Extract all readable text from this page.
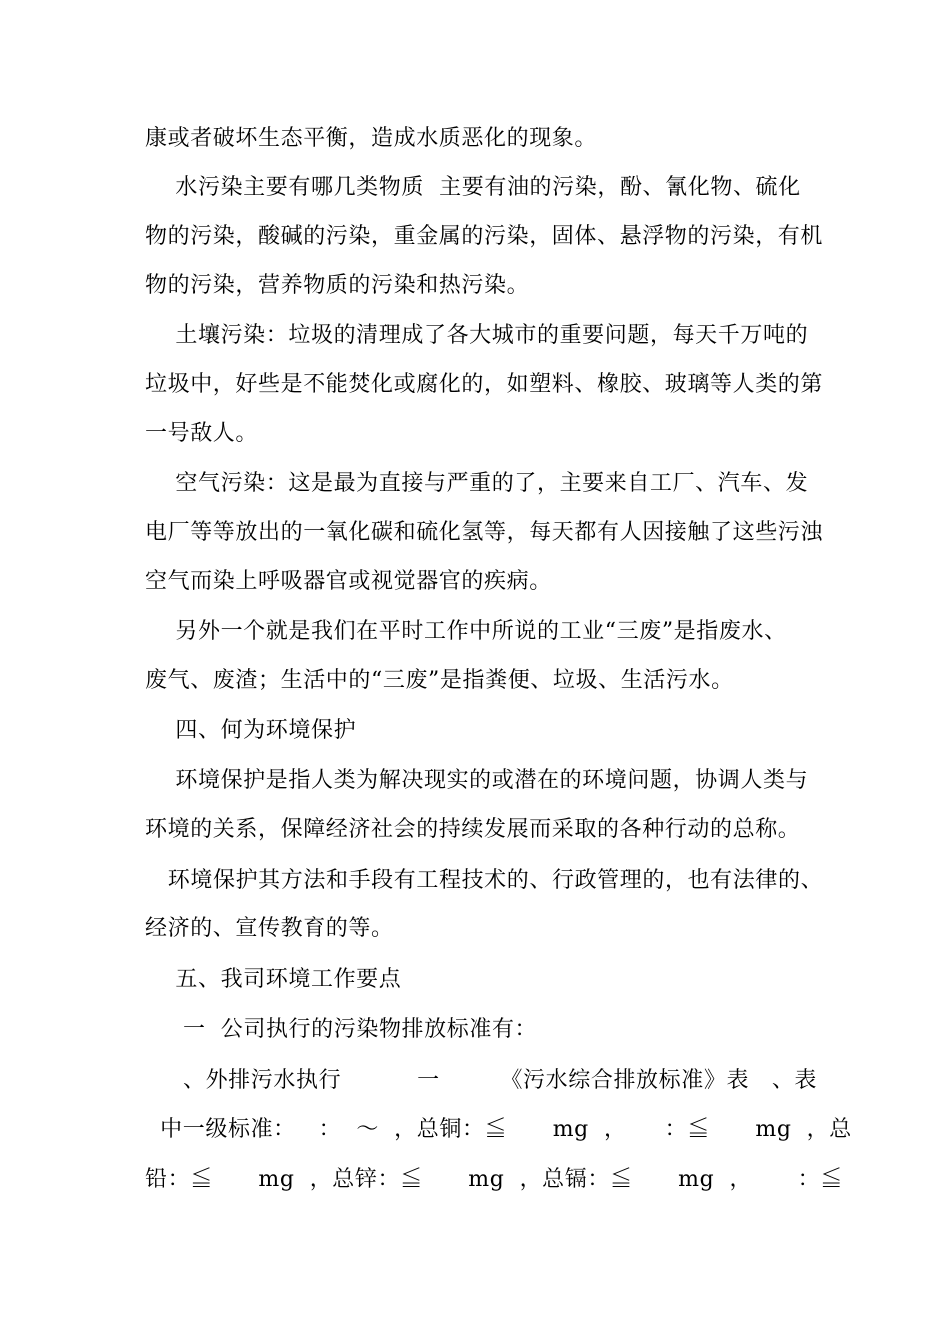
康或者破坏生态平衡，造成水质恶化的现象。
水污染主要有哪几类物质  主要有油的污染，酚、氰化物、硫化
物的污染，酸碱的污染，重金属的污染，固体、悬浮物的污染，有机
物的污染，营养物质的污染和热污染。
土壤污染：垃圾的清理成了各大城市的重要问题，每天千万吨的
垃圾中，好些是不能焚化或腐化的，如塑料、橡胶、玻璃等人类的第
一号敌人。
空气污染：这是最为直接与严重的了，主要来自工厂、汽车、发
电厂等等放出的一氧化碳和硫化氢等，每天都有人因接触了这些污浊
空气而染上呼吸器官或视觉器官的疾病。
另外一个就是我们在平时工作中所说的工业“三废”是指废水、
废气、废渣；生活中的“三废”是指粪便、垃圾、生活污水。
四、何为环境保护
环境保护是指人类为解决现实的或潜在的环境问题，协调人类与
环境的关系，保障经济社会的持续发展而采取的各种行动的总称。
环境保护其方法和手段有工程技术的、行政管理的，也有法律的、
经济的、宣传教育的等。
五、我司环境工作要点
一  公司执行的污染物排放标准有：
、外排污水执行          一        《污水综合排放标准》表   、表
中一级标准：   ：  ～  ，总铜：≦      mg  ，     ：≦      mg  ，总
铅：≦      mg  ，总锌：≦      mg  ，总镉：≦      mg  ，      ：≦
